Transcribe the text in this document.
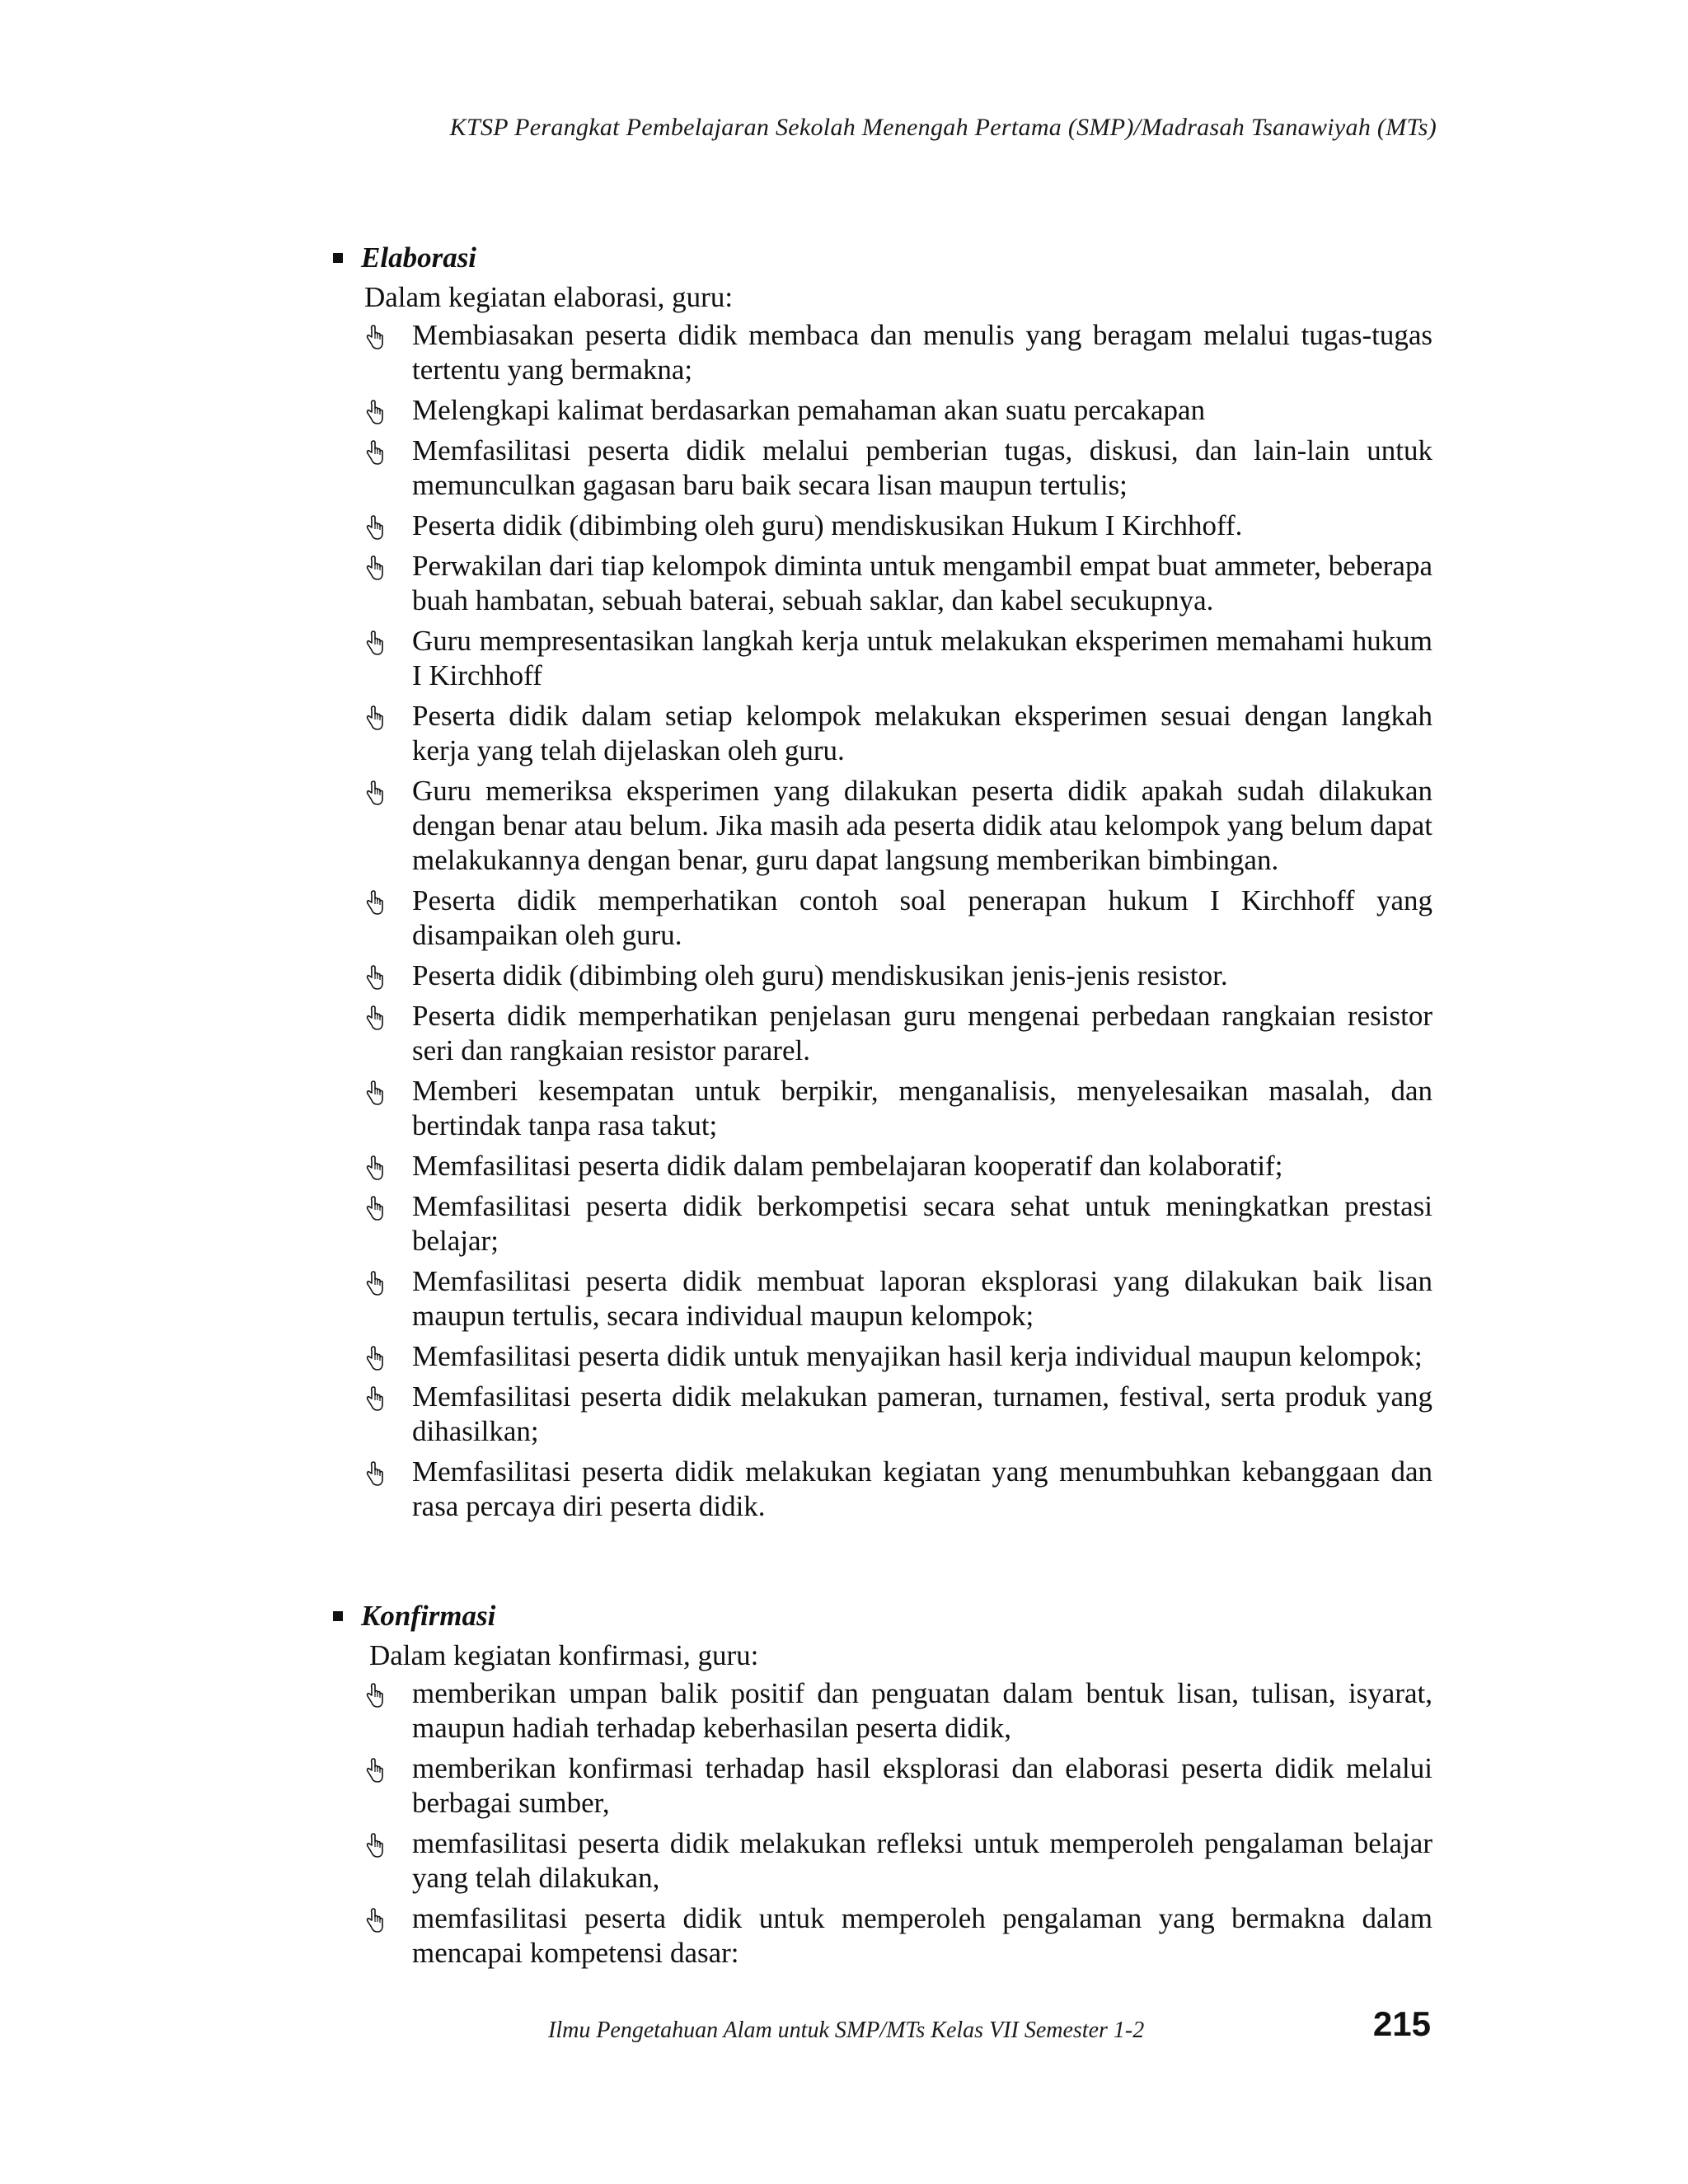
KTSP Perangkat Pembelajaran Sekolah Menengah Pertama (SMP)/Madrasah Tsanawiyah (MTs)
Elaborasi
Dalam kegiatan elaborasi, guru:
Membiasakan peserta didik membaca dan menulis yang beragam melalui tugas-tugas tertentu yang bermakna;
Melengkapi kalimat berdasarkan pemahaman akan suatu percakapan
Memfasilitasi peserta didik melalui pemberian tugas, diskusi, dan lain-lain untuk memunculkan gagasan baru baik secara lisan maupun tertulis;
Peserta didik (dibimbing oleh guru) mendiskusikan Hukum I Kirchhoff.
Perwakilan dari tiap kelompok diminta untuk mengambil empat buat ammeter, beberapa buah hambatan, sebuah baterai, sebuah saklar, dan kabel secukupnya.
Guru mempresentasikan langkah kerja untuk melakukan eksperimen memahami hukum I Kirchhoff
Peserta didik dalam setiap kelompok melakukan eksperimen sesuai dengan langkah kerja yang telah dijelaskan oleh guru.
Guru memeriksa eksperimen yang dilakukan peserta didik apakah sudah dilakukan dengan benar atau belum. Jika masih ada peserta didik atau kelompok yang belum dapat melakukannya dengan benar, guru dapat langsung memberikan bimbingan.
Peserta didik memperhatikan contoh soal penerapan hukum I Kirchhoff yang disampaikan oleh guru.
Peserta didik (dibimbing oleh guru) mendiskusikan jenis-jenis resistor.
Peserta didik memperhatikan penjelasan guru mengenai perbedaan rangkaian resistor seri dan rangkaian resistor pararel.
Memberi kesempatan untuk berpikir, menganalisis, menyelesaikan masalah, dan bertindak tanpa rasa takut;
Memfasilitasi peserta didik dalam pembelajaran kooperatif dan kolaboratif;
Memfasilitasi peserta didik berkompetisi secara sehat untuk meningkatkan prestasi belajar;
Memfasilitasi peserta didik membuat laporan eksplorasi yang dilakukan baik lisan maupun tertulis, secara individual maupun kelompok;
Memfasilitasi peserta didik untuk menyajikan hasil kerja individual maupun kelompok;
Memfasilitasi peserta didik melakukan pameran, turnamen, festival, serta produk yang dihasilkan;
Memfasilitasi peserta didik melakukan kegiatan yang menumbuhkan kebanggaan dan rasa percaya diri peserta didik.
Konfirmasi
Dalam kegiatan konfirmasi, guru:
memberikan umpan balik positif dan penguatan dalam bentuk lisan, tulisan, isyarat, maupun hadiah terhadap keberhasilan peserta didik,
memberikan konfirmasi terhadap hasil eksplorasi dan elaborasi peserta didik melalui berbagai sumber,
memfasilitasi peserta didik melakukan refleksi untuk memperoleh pengalaman belajar yang telah dilakukan,
memfasilitasi peserta didik untuk memperoleh pengalaman yang bermakna dalam mencapai kompetensi dasar:
Ilmu Pengetahuan Alam untuk SMP/MTs Kelas VII Semester 1-2	215
